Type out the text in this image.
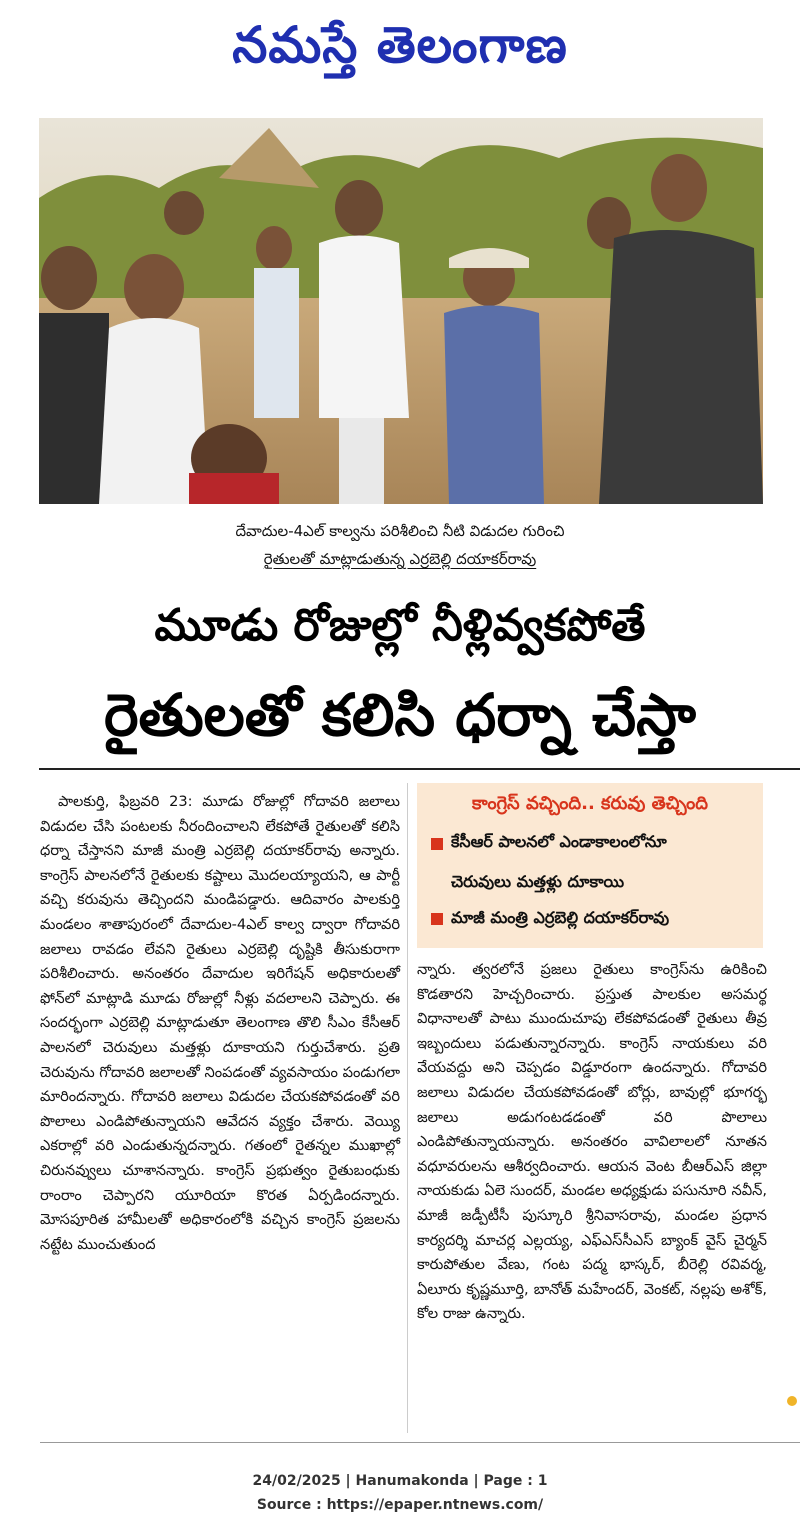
నమస్తే తెలంగాణ
దేవాదుల-4ఎల్ కాల్వను పరిశీలించి నీటి విడుదల గురించి
రైతులతో మాట్లాడుతున్న ఎర్రబెల్లి దయాకర్‌రావు
మూడు రోజుల్లో నీళ్లివ్వకపోతే
రైతులతో కలిసి ధర్నా చేస్తా
పాలకుర్తి, ఫిబ్రవరి 23: మూడు రోజుల్లో గోదావరి జలాలు విడుదల చేసి పంటలకు నీరందించాలని లేకపోతే రైతులతో కలిసి ధర్నా చేస్తానని మాజీ మంత్రి ఎర్రబెల్లి దయాకర్‌రావు అన్నారు. కాంగ్రెస్ పాలనలోనే రైతులకు కష్టాలు మొదలయ్యాయని, ఆ పార్టీ వచ్చి కరువును తెచ్చిందని మండిపడ్డారు. ఆదివారం పాలకుర్తి మండలం శాతాపురంలో దేవాదుల-4ఎల్ కాల్వ ద్వారా గోదావరి జలాలు రావడం లేవని రైతులు ఎర్రబెల్లి దృష్టికి తీసుకురాగా పరిశీలించారు. అనంతరం దేవాదుల ఇరిగేషన్ అధికారులతో ఫోన్‌లో మాట్లాడి మూడు రోజుల్లో నీళ్లు వదలాలని చెప్పారు. ఈ సందర్భంగా ఎర్రబెల్లి మాట్లాడుతూ తెలంగాణ తొలి సీఎం కేసీఆర్ పాలనలో చెరువులు మత్తళ్లు దూకాయని గుర్తుచేశారు. ప్రతి చెరువును గోదావరి జలాలతో నింపడంతో వ్యవసాయం పండుగలా మారిందన్నారు. గోదావరి జలాలు విడుదల చేయకపోవడంతో వరి పొలాలు ఎండిపోతున్నాయని ఆవేదన వ్యక్తం చేశారు. వెయ్యి ఎకరాల్లో వరి ఎండుతున్నదన్నారు. గతంలో రైతన్నల ముఖాల్లో చిరునవ్వులు చూశానన్నారు. కాంగ్రెస్ ప్రభుత్వం రైతుబంధుకు రాంరాం చెప్పారని యూరియా కొరత ఏర్పడిందన్నారు. మోసపూరిత హామీలతో అధికారంలోకి వచ్చిన కాంగ్రెస్ ప్రజలను నట్టేట ముంచుతుంద
కాంగ్రెస్ వచ్చింది.. కరువు తెచ్చింది
కేసీఆర్ పాలనలో ఎండాకాలంలోనూ
చెరువులు మత్తళ్లు దూకాయి
మాజీ మంత్రి ఎర్రబెల్లి దయాకర్‌రావు
న్నారు. త్వరలోనే ప్రజలు రైతులు కాంగ్రెస్‌ను ఉరికించి కొడతారని హెచ్చరించారు. ప్రస్తుత పాలకుల అసమర్థ విధానాలతో పాటు ముందుచూపు లేకపోవడంతో రైతులు తీవ్ర ఇబ్బందులు పడుతున్నారన్నారు. కాంగ్రెస్ నాయకులు వరి వేయవద్దు అని చెప్పడం విడ్డూరంగా ఉందన్నారు. గోదావరి జలాలు విడుదల చేయకపోవడంతో బోర్లు, బావుల్లో భూగర్భ జలాలు అడుగంటడడంతో వరి పొలాలు ఎండిపోతున్నాయన్నారు. అనంతరం వావిలాలలో నూతన వధూవరులను ఆశీర్వదించారు. ఆయన వెంట బీఆర్ఎస్ జిల్లా నాయకుడు ఏలె సుందర్, మండల అధ్యక్షుడు పసునూరి నవీన్, మాజీ జడ్పీటీసీ పుస్కూరి శ్రీనివాసరావు, మండల ప్రధాన కార్యదర్శి మాచర్ల ఎల్లయ్య, ఎఫ్ఎస్‌సీఎస్ బ్యాంక్ వైస్ చైర్మన్ కారుపోతుల వేణు, గంట పద్మ భాస్కర్, బీరెల్లి రవివర్మ, ఏలూరు కృష్ణమూర్తి, బానోత్ మహేందర్, వెంకట్, నల్లపు అశోక్, కోల రాజు ఉన్నారు.
24/02/2025 | Hanumakonda | Page : 1
Source : https://epaper.ntnews.com/
